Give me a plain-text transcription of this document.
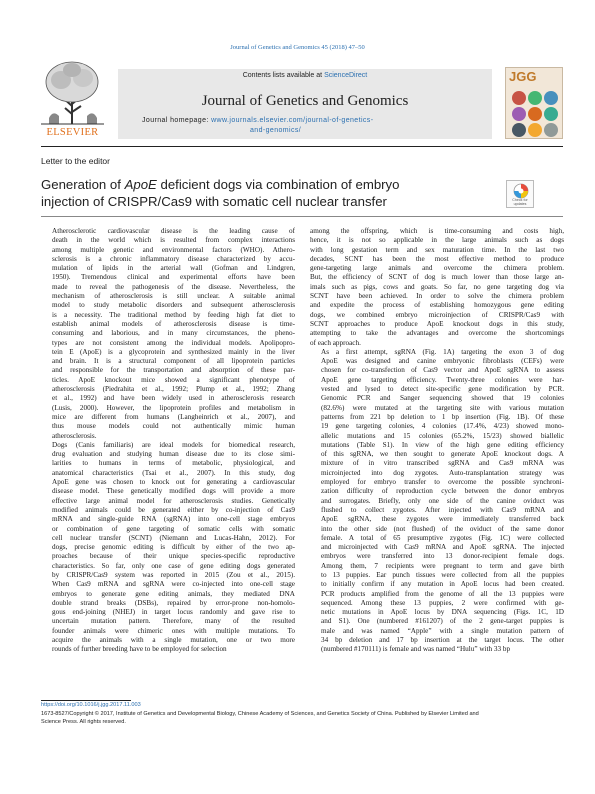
Journal of Genetics and Genomics 45 (2018) 47–50
ELSEVIER
Contents lists available at ScienceDirect
Journal of Genetics and Genomics
Journal homepage: www.journals.elsevier.com/journal-of-genetics-
and-genomics/
JGG
Letter to the editor
Generation of ApoE deficient dogs via combination of embryo
injection of CRISPR/Cas9 with somatic cell nuclear transfer	Check for updates

Atherosclerotic cardiovascular disease is the leading cause of
death in the world which is resulted from complex interactions
among multiple genetic and environmental factors (WHO). Athero-
sclerosis is a chronic inflammatory disease characterized by accu-
mulation of lipids in the arterial wall (Gofman and Lindgren,
1950). Tremendous clinical and experimental efforts have been
made to reveal the pathogenesis of the disease. Nevertheless, the
mechanism of atherosclerosis is still unclear. A suitable animal
model to study metabolic disorders and subsequent atherosclerosis
is a necessity. The traditional method by feeding high fat diet to
establish animal models of atherosclerosis disease is time-
consuming and laborious, and in many circumstances, the pheno-
types are not consistent among the individual models. Apolipopro-
tein E (ApoE) is a glycoprotein and synthesized mainly in the liver
and brain. It is a structural component of all lipoprotein particles
and responsible for the transportation and absorption of these par-
ticles. ApoE knockout mice showed a significant phenotype of
atherosclerosis (Piedrahita et al., 1992; Plump et al., 1992; Zhang
et al., 1992) and have been widely used in atherosclerosis research
(Lusis, 2000). However, the lipoprotein profiles and metabolism in
mice are different from humans (Langheinrich et al., 2007), and
thus mouse models could not authentically mimic human
atherosclerosis.

Dogs (Canis familiaris) are ideal models for biomedical research,
drug evaluation and studying human disease due to its close simi-
larities to humans in terms of metabolic, physiological, and
anatomical characteristics (Tsai et al., 2007). In this study, dog
ApoE gene was chosen to knock out for generating a cardiovascular
disease model. These genetically modified dogs will provide a more
effective large animal model for atherosclerosis studies. Genetically
modified animals could be generated either by co-injection of Cas9
mRNA and single-guide RNA (sgRNA) into one-cell stage embryos
or combination of gene targeting of somatic cells with somatic
cell nuclear transfer (SCNT) (Niemann and Lucas-Hahn, 2012). For
dogs, precise genomic editing is difficult by either of the two ap-
proaches because of their unique species-specific reproductive
characteristics. So far, only one case of gene editing dogs generated
by CRISPR/Cas9 system was reported in 2015 (Zou et al., 2015).
When Cas9 mRNA and sgRNA were co-injected into one-cell stage
embryos to generate gene editing animals, they mediated DNA
double strand breaks (DSBs), repaired by error-prone non-homolo-
gous end-joining (NHEJ) in target locus randomly and gave rise to
uncertain mutation pattern. Therefore, many of the resulted
founder animals were chimeric ones with multiple mutations. To
acquire the animals with a single mutation, one or two more
rounds of further breeding have to be employed for selection

among the offspring, which is time-consuming and costs high,
hence, it is not so applicable in the large animals such as dogs
with long gestation term and sex maturation time. In the last two
decades, SCNT has been the most effective method to produce
gene-targeting large animals and overcome the chimera problem.
But, the efficiency of SCNT of dog is much lower than those large an-
imals such as pigs, cows and goats. So far, no gene targeting dog via
SCNT have been achieved. In order to solve the chimera problem
and expedite the process of establishing homozygous gene editing
dogs, we combined embryo microinjection of CRISPR/Cas9 with
SCNT approaches to produce ApoE knockout dogs in this study,
attempting to take the advantages and overcome the shortcomings
of each approach.

As a first attempt, sgRNA (Fig. 1A) targeting the exon 3 of dog
ApoE was designed and canine embryonic fibroblasts (CEFs) were
chosen for co-transfection of Cas9 vector and ApoE sgRNA to assess
ApoE gene targeting efficiency. Twenty-three colonies were har-
vested and lysed to detect site-specific gene modification by PCR.
Genomic PCR and Sanger sequencing showed that 19 colonies
(82.6%) were mutated at the targeting site with various mutation
patterns from 221 bp deletion to 1 bp insertion (Fig. 1B). Of these
19 gene targeting colonies, 4 colonies (17.4%, 4/23) showed mono-
allelic mutations and 15 colonies (65.2%, 15/23) showed biallelic
mutations (Table S1). In view of the high gene editing efficiency
of this sgRNA, we then sought to generate ApoE knockout dogs. A
mixture of in vitro transcribed sgRNA and Cas9 mRNA was
microinjected into dog zygotes. Auto-transplantation strategy was
employed for embryo transfer to overcome the possible synchroni-
zation difficulty of reproduction cycle between the donor embryos
and surrogates. Briefly, only one side of the canine oviduct was
flushed to collect zygotes. After injected with Cas9 mRNA and
ApoE sgRNA, these zygotes were immediately transferred back
into the other side (not flushed) of the oviduct of the same donor
female. A total of 65 presumptive zygotes (Fig. 1C) were collected
and microinjected with Cas9 mRNA and ApoE sgRNA. The injected
embryos were transferred into 13 donor-recipient female dogs.
Among them, 7 recipients were pregnant to term and gave birth
to 13 puppies. Ear punch tissues were collected from all the puppies
to initially confirm if any mutation in ApoE locus had been created.
PCR products amplified from the genome of all the 13 puppies were
sequenced. Among these 13 puppies, 2 were confirmed with ge-
netic mutations in ApoE locus by DNA sequencing (Figs. 1C, 1D
and S1). One (numbered #161207) of the 2 gene-target puppies is
male and was named “Apple” with a single mutation pattern of
34 bp deletion and 17 bp insertion at the target locus. The other
(numbered #170111) is female and was named “Hulu” with 33 bp

https://doi.org/10.1016/j.jgg.2017.11.003
1673-8527/Copyright © 2017, Institute of Genetics and Developmental Biology, Chinese Academy of Sciences, and Genetics Society of China. Published by Elsevier Limited and
Science Press. All rights reserved.
